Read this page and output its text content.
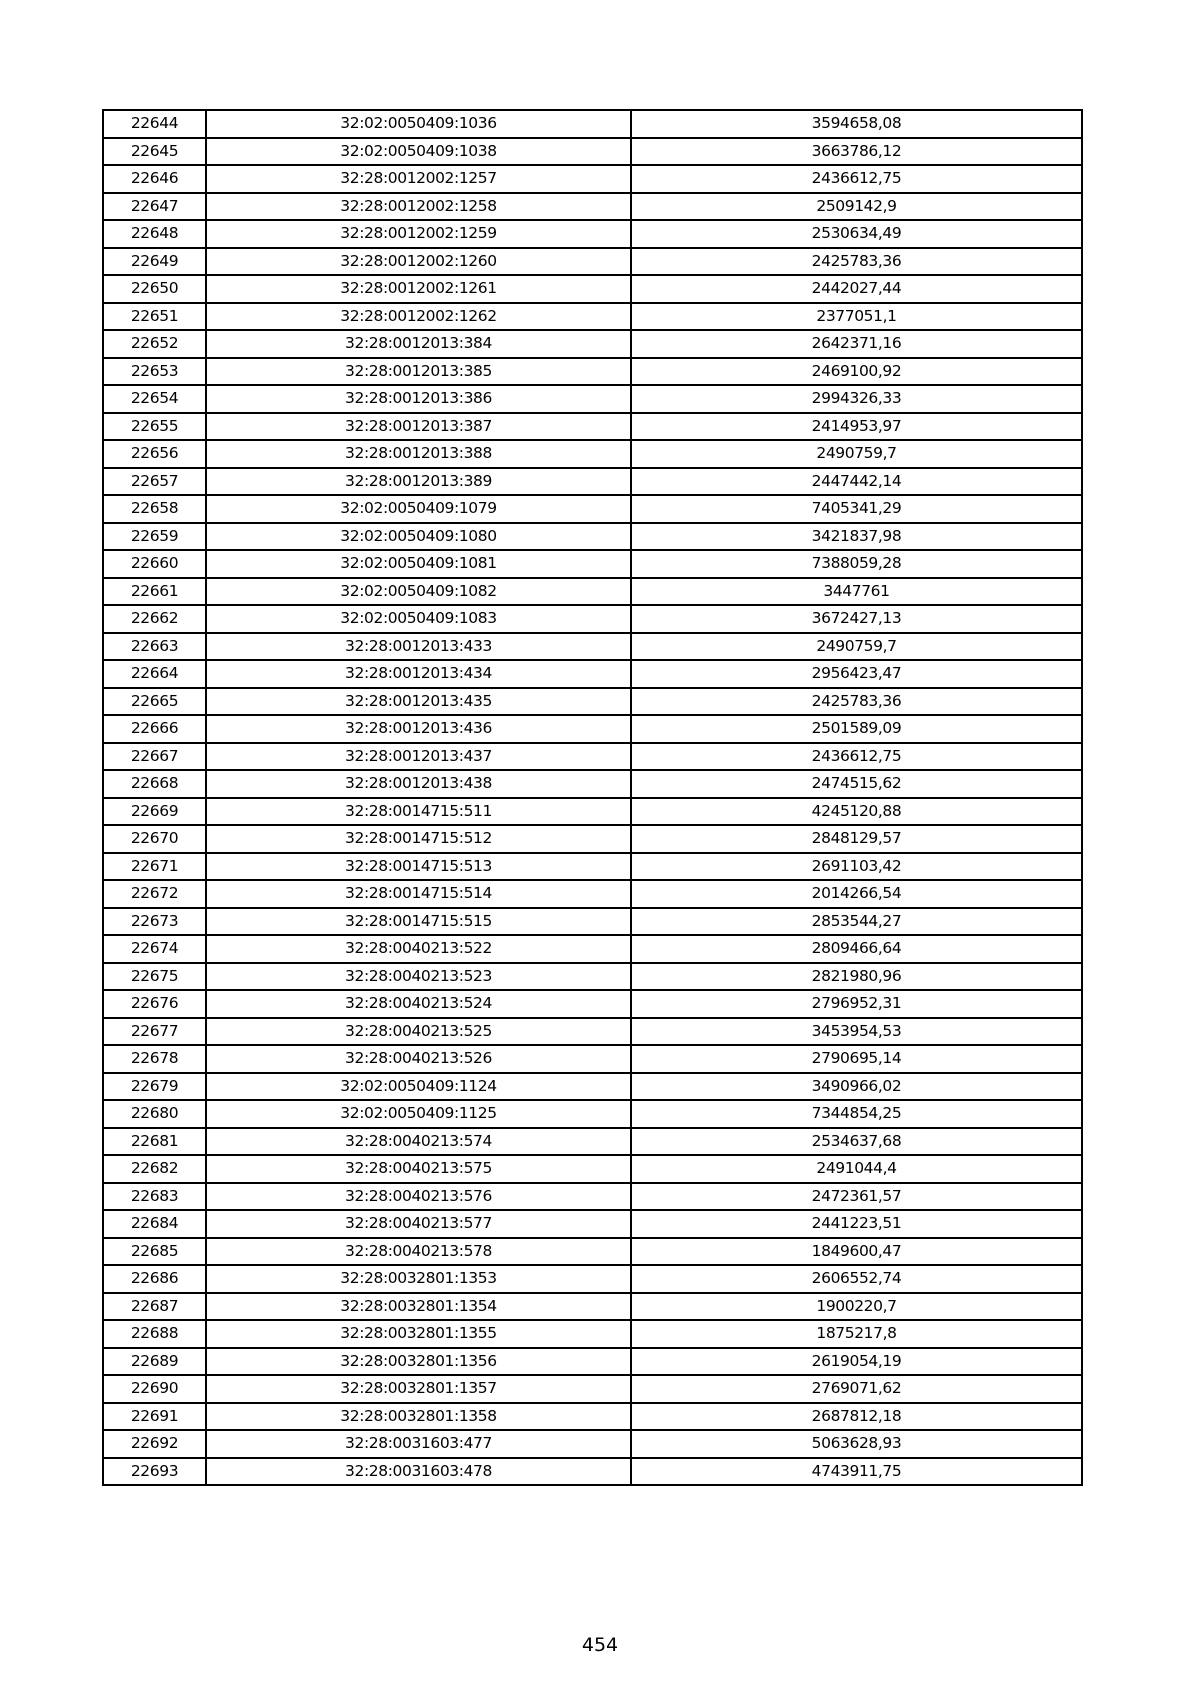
22644	32:02:0050409:1036	3594658,08
22645	32:02:0050409:1038	3663786,12
22646	32:28:0012002:1257	2436612,75
22647	32:28:0012002:1258	2509142,9
22648	32:28:0012002:1259	2530634,49
22649	32:28:0012002:1260	2425783,36
22650	32:28:0012002:1261	2442027,44
22651	32:28:0012002:1262	2377051,1
22652	32:28:0012013:384	2642371,16
22653	32:28:0012013:385	2469100,92
22654	32:28:0012013:386	2994326,33
22655	32:28:0012013:387	2414953,97
22656	32:28:0012013:388	2490759,7
22657	32:28:0012013:389	2447442,14
22658	32:02:0050409:1079	7405341,29
22659	32:02:0050409:1080	3421837,98
22660	32:02:0050409:1081	7388059,28
22661	32:02:0050409:1082	3447761
22662	32:02:0050409:1083	3672427,13
22663	32:28:0012013:433	2490759,7
22664	32:28:0012013:434	2956423,47
22665	32:28:0012013:435	2425783,36
22666	32:28:0012013:436	2501589,09
22667	32:28:0012013:437	2436612,75
22668	32:28:0012013:438	2474515,62
22669	32:28:0014715:511	4245120,88
22670	32:28:0014715:512	2848129,57
22671	32:28:0014715:513	2691103,42
22672	32:28:0014715:514	2014266,54
22673	32:28:0014715:515	2853544,27
22674	32:28:0040213:522	2809466,64
22675	32:28:0040213:523	2821980,96
22676	32:28:0040213:524	2796952,31
22677	32:28:0040213:525	3453954,53
22678	32:28:0040213:526	2790695,14
22679	32:02:0050409:1124	3490966,02
22680	32:02:0050409:1125	7344854,25
22681	32:28:0040213:574	2534637,68
22682	32:28:0040213:575	2491044,4
22683	32:28:0040213:576	2472361,57
22684	32:28:0040213:577	2441223,51
22685	32:28:0040213:578	1849600,47
22686	32:28:0032801:1353	2606552,74
22687	32:28:0032801:1354	1900220,7
22688	32:28:0032801:1355	1875217,8
22689	32:28:0032801:1356	2619054,19
22690	32:28:0032801:1357	2769071,62
22691	32:28:0032801:1358	2687812,18
22692	32:28:0031603:477	5063628,93
22693	32:28:0031603:478	4743911,75
454
